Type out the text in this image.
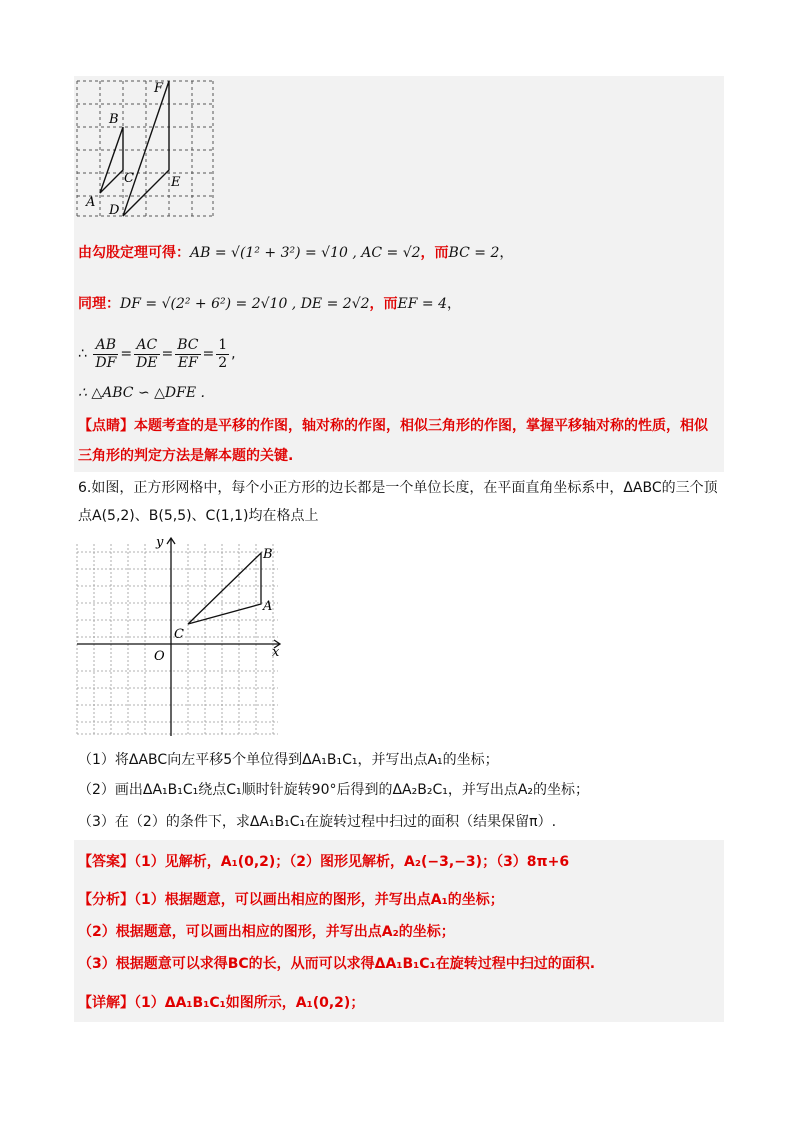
F
B
C	E
A
D
由勾股定理可得：AB = √(1² + 3²) = √10 , AC = √2，而BC = 2，
同理：DF = √(2² + 6²) = 2√10 , DE = 2√2，而EF = 4，
∴ $\frac{AB}{DF} = \frac{AC}{DE} = \frac{BC}{EF} = \frac{1}{2}$ ,
∴ △ABC ∽ △DFE .
【点睛】本题考查的是平移的作图，轴对称的作图，相似三角形的作图，掌握平移轴对称的性质，相似
三角形的判定方法是解本题的关键.
6.如图，正方形网格中，每个小正方形的边长都是一个单位长度，在平面直角坐标系中，ΔABC的三个顶
点A(5,2)、B(5,5)、C(1,1)均在格点上
y
B
A
C
O	x
（1）将ΔABC向左平移5个单位得到ΔA₁B₁C₁，并写出点A₁的坐标；
（2）画出ΔA₁B₁C₁绕点C₁顺时针旋转90°后得到的ΔA₂B₂C₁，并写出点A₂的坐标；
（3）在（2）的条件下，求ΔA₁B₁C₁在旋转过程中扫过的面积（结果保留π）.
【答案】（1）见解析，A₁(0,2)；（2）图形见解析，A₂(−3,−3)；（3）8π+6
【分析】（1）根据题意，可以画出相应的图形，并写出点A₁的坐标；
（2）根据题意，可以画出相应的图形，并写出点A₂的坐标；
（3）根据题意可以求得BC的长，从而可以求得ΔA₁B₁C₁在旋转过程中扫过的面积.
【详解】（1）ΔA₁B₁C₁如图所示，A₁(0,2)；
